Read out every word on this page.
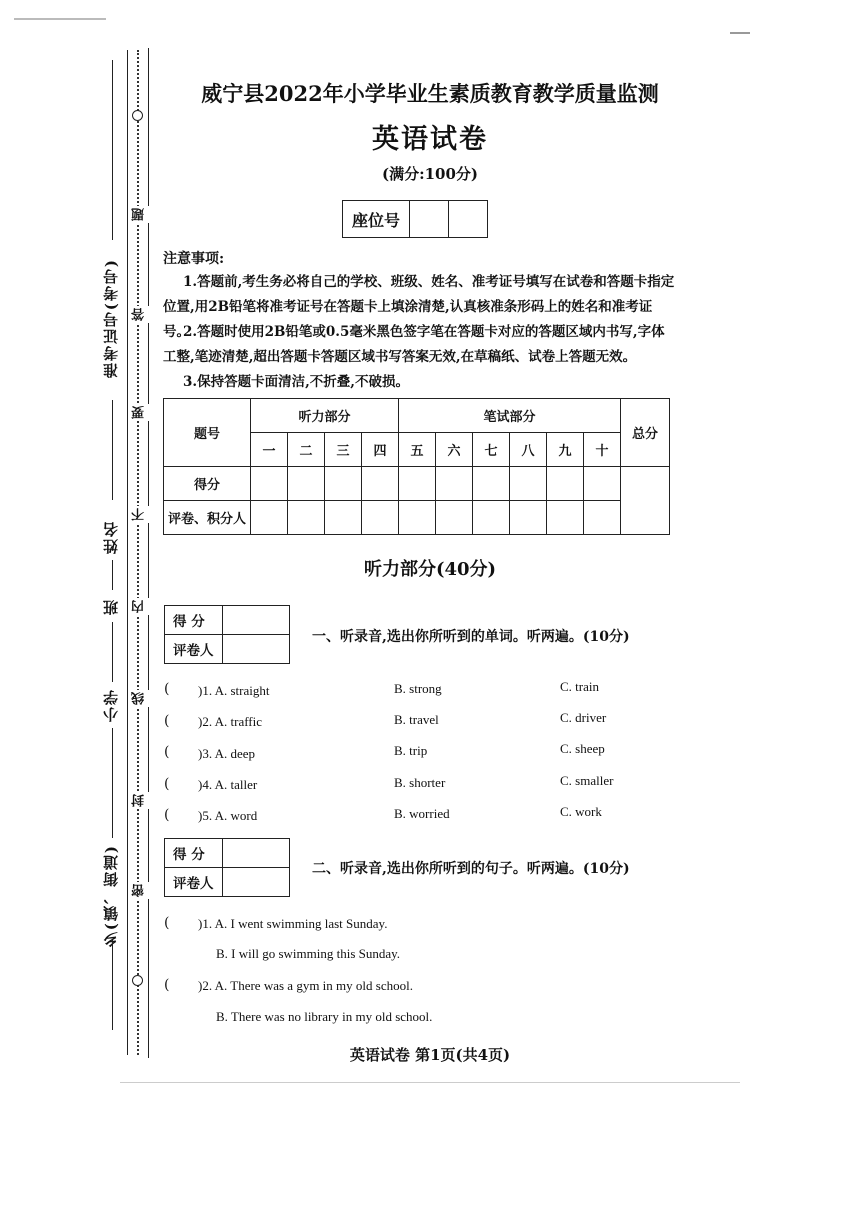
题
答
要
不
内
线
封
密
准考证号(考号)
姓名
班
小学
乡(镇、街道)
威宁县2022年小学毕业生素质教育教学质量监测
英语试卷
(满分:100分)
座位号
注意事项:
1.答题前,考生务必将自己的学校、班级、姓名、准考证号填写在试卷和答题卡指定位置,用2B铅笔将准考证号在答题卡上填涂清楚,认真核准条形码上的姓名和准考证号。
2.答题时使用2B铅笔或0.5毫米黑色签字笔在答题卡对应的答题区域内书写,字体工整,笔迹清楚,超出答题卡答题区域书写答案无效,在草稿纸、试卷上答题无效。
3.保持答题卡面清洁,不折叠,不破损。
题号	听力部分				笔试部分						总分
	一	二	三	四	五	六	七	八	九	十	
得分											
评卷、积分人											
听力部分(40分)
得 分	
评卷人	
一、听录音,选出你所听到的单词。听两遍。(10分)
( )1. A. straight	B. strong	C. train
( )2. A. traffic	B. travel	C. driver
( )3. A. deep	B. trip	C. sheep
( )4. A. taller	B. shorter	C. smaller
( )5. A. word	B. worried	C. work
得 分	
评卷人	
二、听录音,选出你所听到的句子。听两遍。(10分)
( )1. A. I went swimming last Sunday.
B. I will go swimming this Sunday.
( )2. A. There was a gym in my old school.
B. There was no library in my old school.
英语试卷 第1页(共4页)
